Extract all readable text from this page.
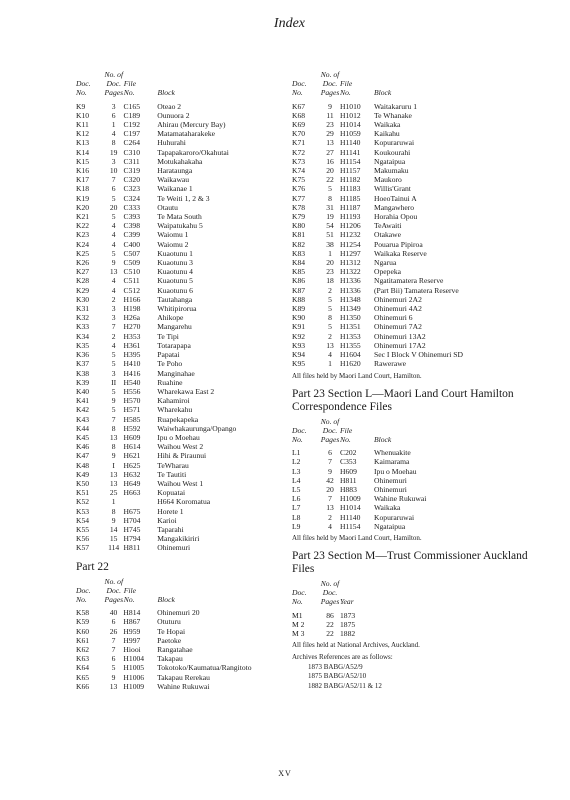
Index
	No. of		
Doc.	Doc.	File	
No.	Pages	No.	Block
K9	3	C165	Oteao 2
K10	6	C189	Ounuora 2
K11	1	C192	Ahirau (Mercury Bay)
K12	4	C197	Matamataharakeke
K13	8	C264	Huhurahi
K14	19	C310	Tapapakaroro/Okahutai
K15	3	C311	Motukahakaha
K16	10	C319	Harataunga
K17	7	C320	Waikawau
K18	6	C323	Waikanae 1
K19	5	C324	Te Weiti 1, 2 & 3
K20	20	C333	Otautu
K21	5	C393	Te Mata South
K22	4	C398	Waipatukahu 5
K23	4	C399	Waiomu 1
K24	4	C400	Waiomu 2
K25	5	C507	Kuaotunu 1
K26	9	C509	Kuaotunu 3
K27	13	C510	Kuaotunu 4
K28	4	C511	Kuaotunu 5
K29	4	C512	Kuaotunu 6
K30	2	H166	Tautahanga
K31	3	H198	Whitipirorua
K32	3	H26a	Ahikope
K33	7	H270	Mangarehu
K34	2	H353	Te Tipi
K35	4	H361	Totarapapa
K36	5	H395	Papatai
K37	5	H410	Te Poho
K38	3	H416	Manginahae
K39	II	H540	Ruahine
K40	5	H556	Wharekawa East 2
K41	9	H570	Kahamiroi
K42	5	H571	Wharekahu
K43	7	H585	Ruapekapeka
K44	8	H592	Waiwhakaurunga/Opango
K45	13	H609	Ipu o Moehau
K46	8	H614	Waihou West 2
K47	9	H621	Hihi & Piraunui
K48	I	H625	TeWharau
K49	13	H632	Te Tautiti
K50	13	H649	Waihou West 1
K51	25	H663	Kopuatai
K52	1		H664 Koromatua
K53	8	H675	Horete 1
K54	9	H704	Karioi
K55	14	H745	Taparahi
K56	15	H794	Mangakikiriri
K57	114	H811	Ohinemuri
Part 22
	No. of		
Doc.	Doc.	File	
No.	Pages	No.	Block
K58	40	H814	Ohinemuri 20
K59	6	H867	Otuturu
K60	26	H959	Te Hopai
K61	7	H997	Paetoke
K62	7	Hiooi	Rangatahae
K63	6	H1004	Takapau
K64	5	H1005	Tokotoko/Kaumatua/Rangitoto
K65	9	H1006	Takapau Rerekau
K66	13	H1009	Wahine Rukuwai
	No. of		
Doc.	Doc.	File	
No.	Pages	No.	Block
K67	9	H1010	Waitakaruru 1
K68	11	H1012	Te Whanake
K69	23	H1014	Waikaka
K70	29	H1059	Kaikahu
K71	13	H1140	Kopuraruwai
K72	27	H1141	Koukourahi
K73	16	H1154	Ngataipua
K74	20	H1157	Makumaku
K75	22	H1182	Maukoro
K76	5	H1183	Willis'Grant
K77	8	H1185	HoeoTainui A
K78	31	H1187	Mangawhero
K79	19	H1193	Horahia Opou
K80	54	H1206	TeAwaiti
K81	51	H1232	Otakawe
K82	38	H1254	Pouarua Pipiroa
K83	1	H1297	Waikaka Reserve
K84	20	H1312	Ngarua
K85	23	H1322	Opepeka
K86	18	H1336	Ngatitamatera Reserve
K87	2	H1336	(Part Bii) Tamatera Reserve
K88	5	H1348	Ohinemuri 2A2
K89	5	H1349	Ohinemuri 4A2
K90	8	H1350	Ohinemuri 6
K91	5	H1351	Ohinemuri 7A2
K92	2	H1353	Ohinemuri 13A2
K93	13	H1355	Ohinemuri 17A2
K94	4	H1604	Sec I Block V Ohinemuri SD
K95	1	H1620	Rawerawe
All files held by Maori Land Court, Hamilton.
Part 23 Section L—Maori Land Court Hamilton Correspondence Files
	No. of		
Doc.	Doc.	File	
No.	Pages	No.	Block
L1	6	C202	Whenuakite
L2	7	C353	Kaimarama
L3	9	H609	Ipu o Moehau
L4	42	H811	Ohinemuri
L5	20	H883	Ohinemuri
L6	7	H1009	Wahine Rukuwai
L7	13	H1014	Waikaka
L8	2	H1140	Kopuraruwai
L9	4	H1154	Ngataipua
All files held by Maori Land Court, Hamilton.
Part 23 Section M—Trust Commissioner Auckland Files
	No. of	
Doc.	Doc.	
No.	Pages	Year
M1	86	1873
M 2	22	1875
M 3	22	1882
All files held at National Archives, Auckland.
Archives References are as follows:
1873 BABG/A52/9
1875 BABG/A52/10
1882 BABG/A52/11 & 12
XV
